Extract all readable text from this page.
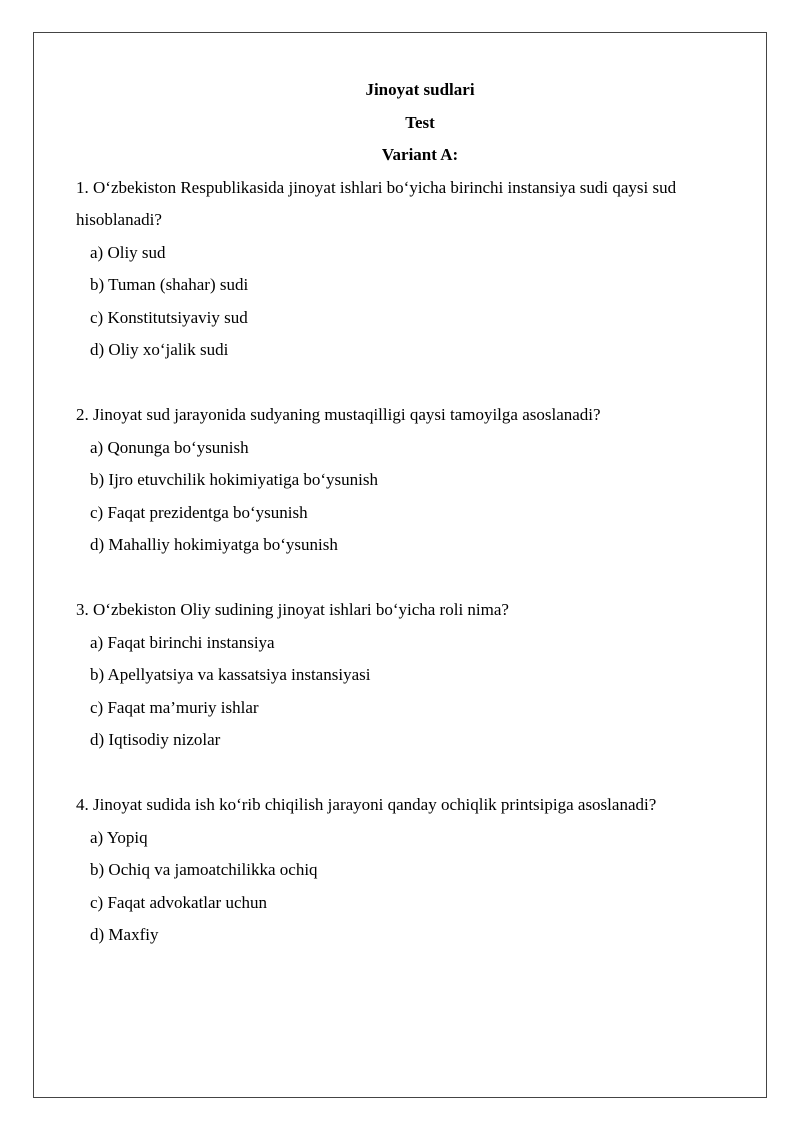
Jinoyat sudlari

Test

Variant A:

1. O‘zbekiston Respublikasida jinoyat ishlari bo‘yicha birinchi instansiya sudi qaysi sud hisoblanadi?

a) Oliy sud
b) Tuman (shahar) sudi
c) Konstitutsiyaviy sud
d) Oliy xo‘jalik sudi

2. Jinoyat sud jarayonida sudyaning mustaqilligi qaysi tamoyilga asoslanadi?

a) Qonunga bo‘ysunish
b) Ijro etuvchilik hokimiyatiga bo‘ysunish
c) Faqat prezidentga bo‘ysunish
d) Mahalliy hokimiyatga bo‘ysunish

3. O‘zbekiston Oliy sudining jinoyat ishlari bo‘yicha roli nima?

a) Faqat birinchi instansiya
b) Apellyatsiya va kassatsiya instansiyasi
c) Faqat ma’muriy ishlar
d) Iqtisodiy nizolar

4. Jinoyat sudida ish ko‘rib chiqilish jarayoni qanday ochiqlik printsipiga asoslanadi?

a) Yopiq
b) Ochiq va jamoatchilikka ochiq
c) Faqat advokatlar uchun
d) Maxfiy
